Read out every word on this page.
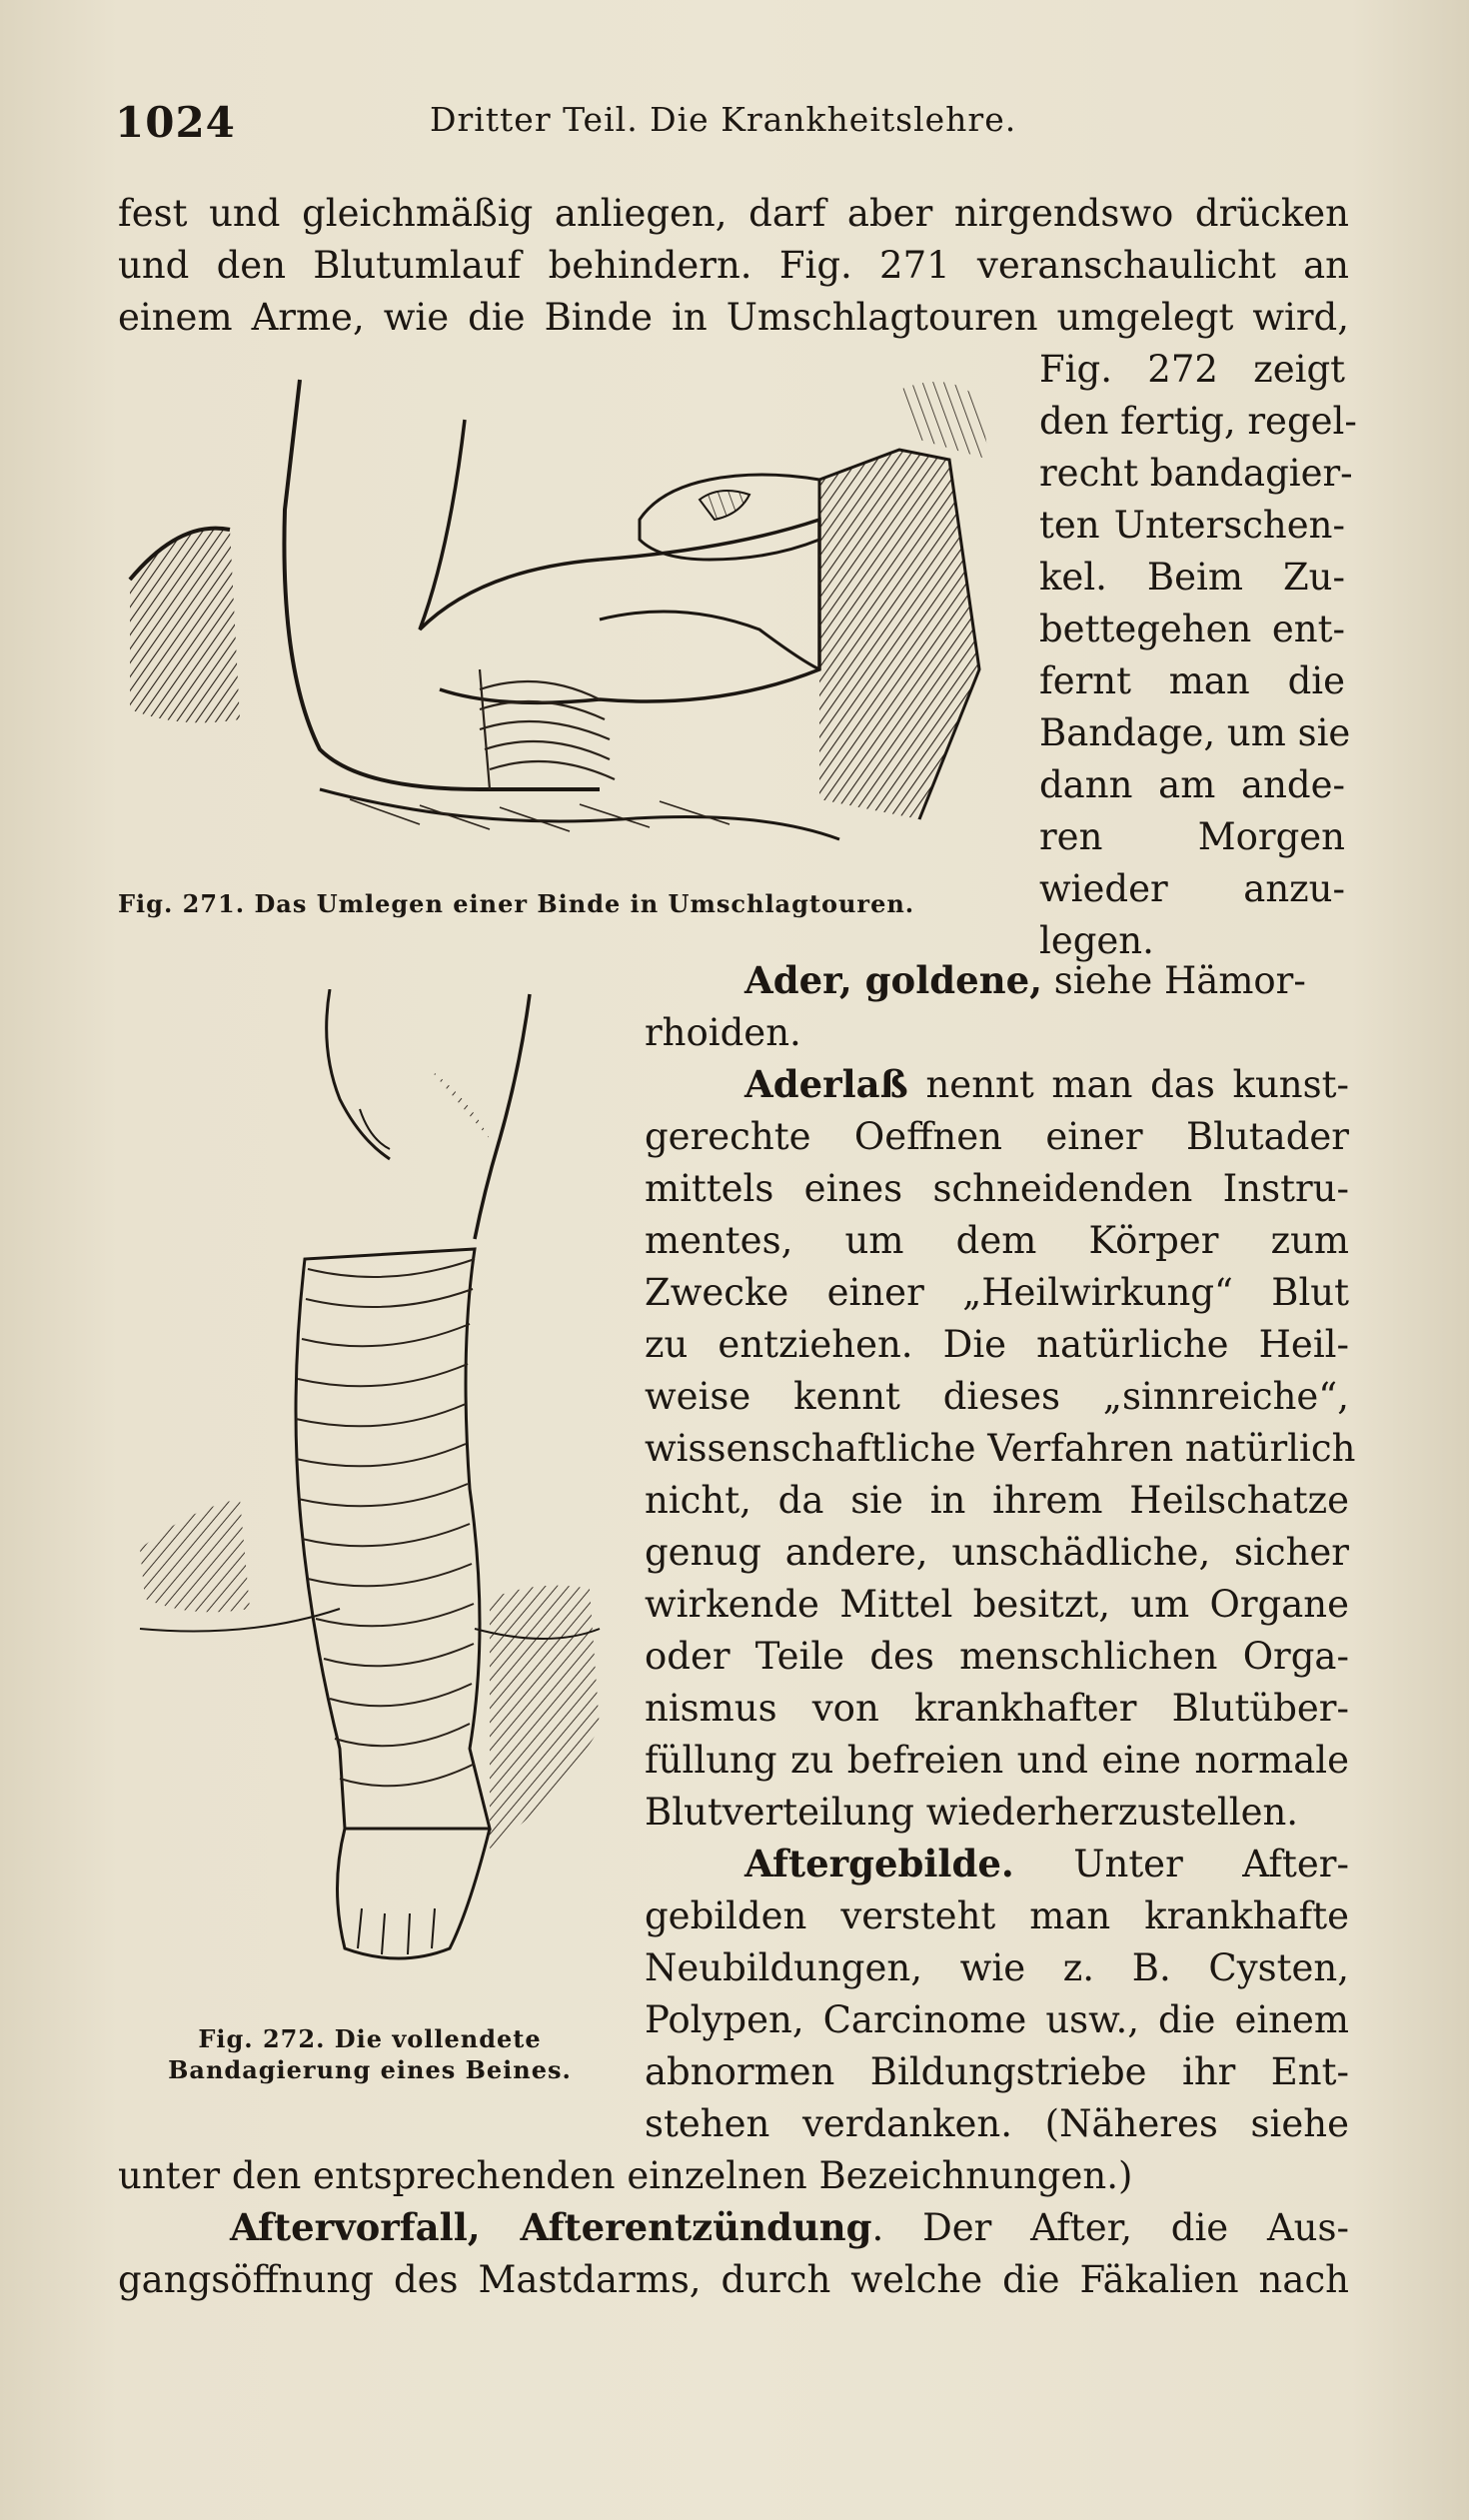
1024	Dritter Teil. Die Krankheitslehre.
fest und gleichmäßig anliegen, darf aber nirgendswo drücken
und den Blutumlauf behindern. Fig. 271 veranschaulicht an
einem Arme, wie die Binde in Umschlagtouren umgelegt wird,
Fig. 271. Das Umlegen einer Binde in Umschlagtouren.
Fig. 272 zeigt
den fertig, regel-
recht bandagier-
ten Unterschen-
kel. Beim Zu-
bettegehen ent-
fernt man die
Bandage, um sie
dann am ande-
ren Morgen
wieder anzu-
legen.
Ader, goldene, siehe Hämor-
rhoiden.
Fig. 272. Die vollendete
Bandagierung eines Beines.
Aderlaß nennt man das kunst-
gerechte Oeffnen einer Blutader
mittels eines schneidenden Instru-
mentes, um dem Körper zum
Zwecke einer „Heilwirkung“ Blut
zu entziehen. Die natürliche Heil-
weise kennt dieses „sinnreiche“,
wissenschaftliche Verfahren natürlich
nicht, da sie in ihrem Heilschatze
genug andere, unschädliche, sicher
wirkende Mittel besitzt, um Organe
oder Teile des menschlichen Orga-
nismus von krankhafter Blutüber-
füllung zu befreien und eine normale
Blutverteilung wiederherzustellen.
Aftergebilde. Unter After-
gebilden versteht man krankhafte
Neubildungen, wie z. B. Cysten,
Polypen, Carcinome usw., die einem
abnormen Bildungstriebe ihr Ent-
stehen verdanken. (Näheres siehe
unter den entsprechenden einzelnen Bezeichnungen.)
Aftervorfall, Afterentzündung. Der After, die Aus-
gangsöffnung des Mastdarms, durch welche die Fäkalien nach
